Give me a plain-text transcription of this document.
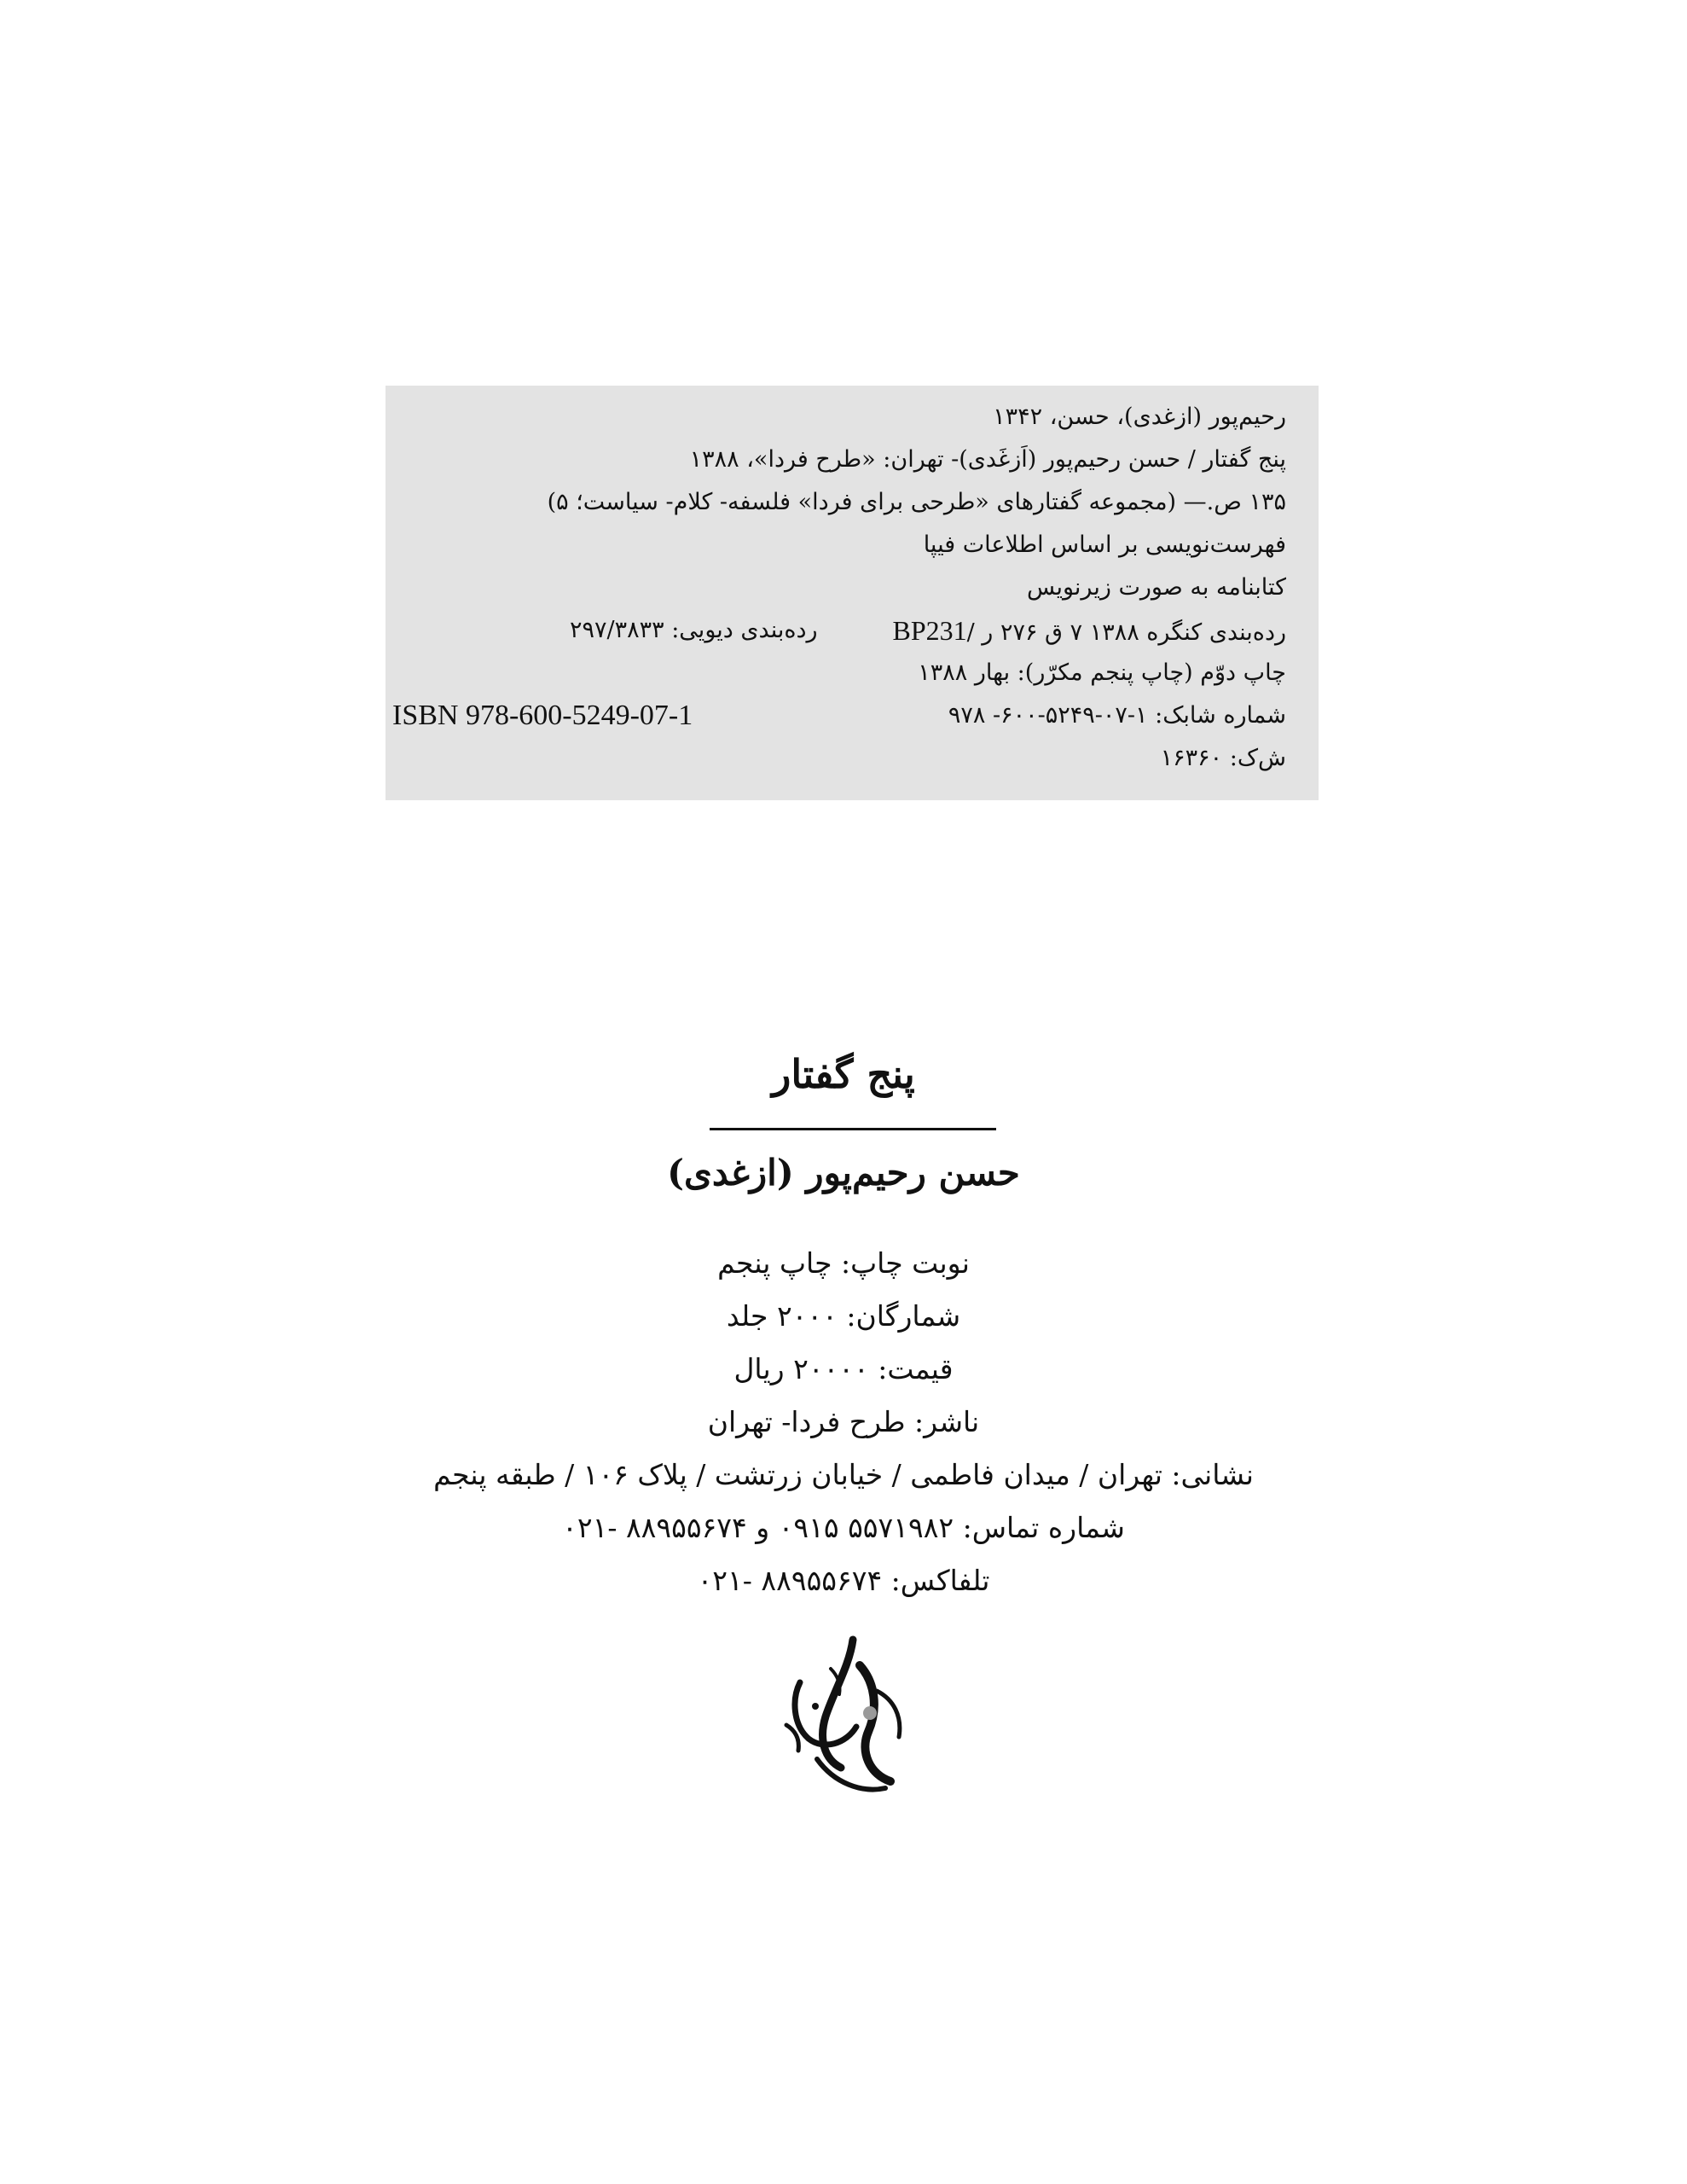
رحیم‌پور (ازغدی)، حسن، ۱۳۴۲
پنج گفتار / حسن رحیم‌پور (اَزغَدی)- تهران: «طرح فردا»، ۱۳۸۸
۱۳۵ ص.— (مجموعه گفتارهای «طرحی برای فردا» فلسفه- کلام- سیاست؛ ۵)
فهرست‌نویسی بر اساس اطلاعات فیپا
کتابنامه به صورت زیرنویس
رده‌بندی کنگره ۱۳۸۸ ۷ ق ۲۷۶ ر /BP231
رده‌بندی دیویی: ۲۹۷/۳۸۳۳
چاپ دوّم (چاپ پنجم مکرّر): بهار ۱۳۸۸
شماره شابک: ۱-۰۷-۵۲۴۹-۶۰۰- ۹۷۸
ISBN 978-600-5249-07-1
ش‌ک: ۱۶۳۶۰
پنج گفتار
حسن رحیم‌پور (ازغدی)
نوبت چاپ: چاپ پنجم
شمارگان: ۲۰۰۰ جلد
قیمت: ۲۰۰۰۰ ریال
ناشر: طرح فردا- تهران
نشانی: تهران / میدان فاطمی / خیابان زرتشت / پلاک ۱۰۶ / طبقه پنجم
شماره تماس: ۵۵۷۱۹۸۲ ۰۹۱۵ و ۸۸۹۵۵۶۷۴ -۰۲۱
تلفاکس: ۸۸۹۵۵۶۷۴ -۰۲۱
